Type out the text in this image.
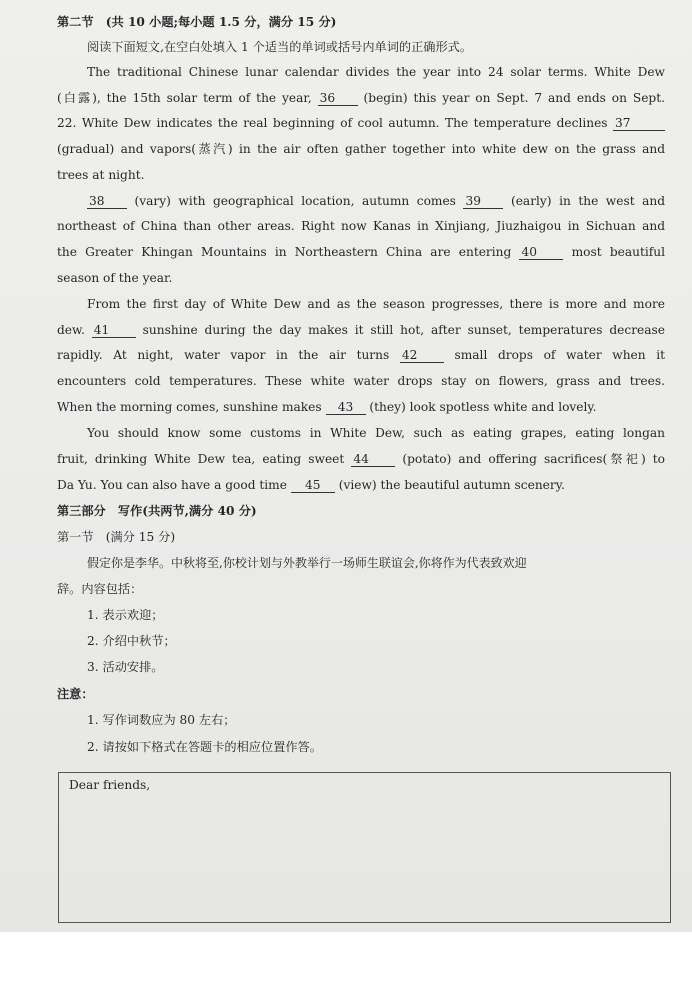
第二节　(共 10 小题;每小题 1.5 分，满分 15 分)
阅读下面短文,在空白处填入 1 个适当的单词或括号内单词的正确形式。
The traditional Chinese lunar calendar divides the year into 24 solar terms. White Dew
(白露), the 15th solar term of the year, 36 (begin) this year on Sept. 7 and ends on Sept.
22. White Dew indicates the real beginning of cool autumn. The temperature declines 37
(gradual) and vapors(蒸汽) in the air often gather together into white dew on the grass and
trees at night.
38 (vary) with geographical location, autumn comes 39 (early) in the west and
northeast of China than other areas. Right now Kanas in Xinjiang, Jiuzhaigou in Sichuan and
the Greater Khingan Mountains in Northeastern China are entering 40	most beautiful
season of the year.
From the first day of White Dew and as the season progresses, there is more and more
dew. 41	sunshine during the day makes it still hot, after sunset, temperatures decrease
rapidly. At night, water vapor in the air turns 42	small drops of water when it
encounters cold temperatures. These white water drops stay on flowers, grass and trees.
When the morning comes, sunshine makes 43 (they) look spotless white and lovely.
You should know some customs in White Dew, such as eating grapes, eating longan
fruit, drinking White Dew tea, eating sweet 44	(potato) and offering sacrifices(祭祀) to
Da Yu. You can also have a good time 45 (view) the beautiful autumn scenery.
第三部分　写作(共两节,满分 40 分)
第一节　(满分 15 分)
假定你是李华。中秋将至,你校计划与外教举行一场师生联谊会,你将作为代表致欢迎
辞。内容包括：
1. 表示欢迎；
2. 介绍中秋节；
3. 活动安排。
注意：
1. 写作词数应为 80 左右；
2. 请按如下格式在答题卡的相应位置作答。
Dear friends,
